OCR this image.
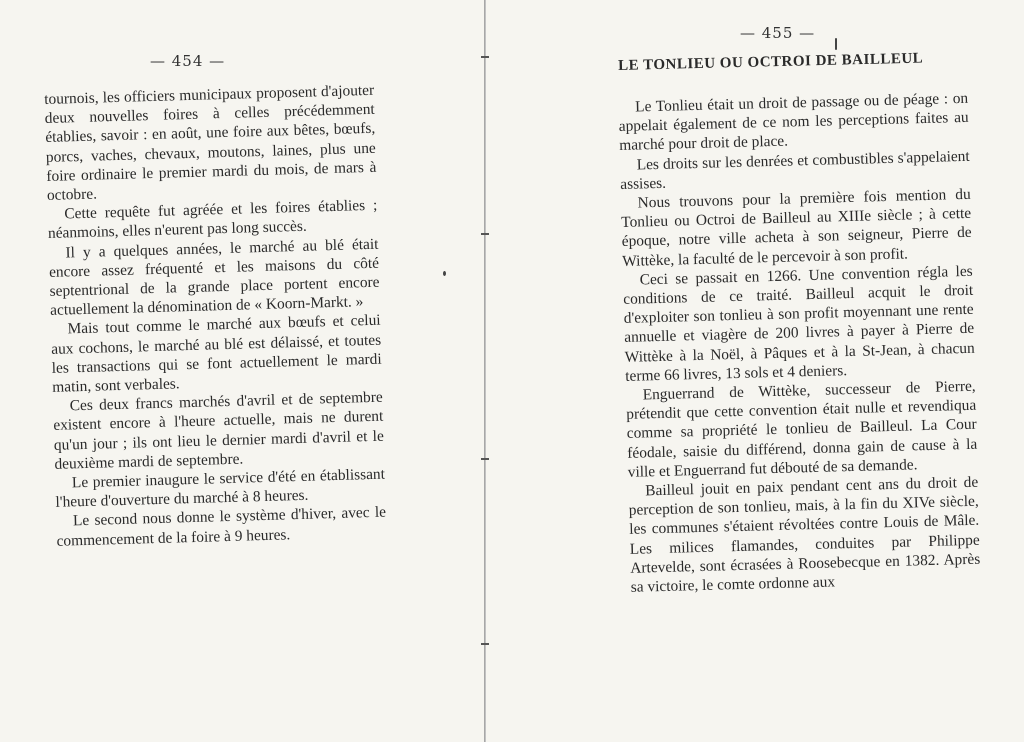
— 454 —

tournois, les officiers municipaux proposent d'ajouter deux nouvelles foires à celles précédemment établies, savoir : en août, une foire aux bêtes, bœufs, porcs, vaches, chevaux, moutons, laines, plus une foire ordinaire le premier mardi du mois, de mars à octobre.

Cette requête fut agréée et les foires établies ; néanmoins, elles n'eurent pas long succès.

Il y a quelques années, le marché au blé était encore assez fréquenté et les maisons du côté septentrional de la grande place portent encore actuellement la dénomination de « Koorn-Markt. »

Mais tout comme le marché aux bœufs et celui aux cochons, le marché au blé est délaissé, et toutes les transactions qui se font actuellement le mardi matin, sont verbales.

Ces deux francs marchés d'avril et de septembre existent encore à l'heure actuelle, mais ne durent qu'un jour ; ils ont lieu le dernier mardi d'avril et le deuxième mardi de septembre.

Le premier inaugure le service d'été en établissant l'heure d'ouverture du marché à 8 heures.

Le second nous donne le système d'hiver, avec le commencement de la foire à 9 heures.

— 455 —
LE TONLIEU OU OCTROI DE BAILLEUL

Le Tonlieu était un droit de passage ou de péage : on appelait également de ce nom les perceptions faites au marché pour droit de place.

Les droits sur les denrées et combustibles s'appelaient assises.

Nous trouvons pour la première fois mention du Tonlieu ou Octroi de Bailleul au XIIIe siècle ; à cette époque, notre ville acheta à son seigneur, Pierre de Wittèke, la faculté de le percevoir à son profit.

Ceci se passait en 1266. Une convention régla les conditions de ce traité. Bailleul acquit le droit d'exploiter son tonlieu à son profit moyennant une rente annuelle et viagère de 200 livres à payer à Pierre de Wittèke à la Noël, à Pâques et à la St-Jean, à chacun terme 66 livres, 13 sols et 4 deniers.

Enguerrand de Wittèke, successeur de Pierre, prétendit que cette convention était nulle et revendiqua comme sa propriété le tonlieu de Bailleul. La Cour féodale, saisie du différend, donna gain de cause à la ville et Enguerrand fut débouté de sa demande.

Bailleul jouit en paix pendant cent ans du droit de perception de son tonlieu, mais, à la fin du XIVe siècle, les communes s'étaient révoltées contre Louis de Mâle. Les milices flamandes, conduites par Philippe Artevelde, sont écrasées à Roosebecque en 1382. Après sa victoire, le comte ordonne aux
